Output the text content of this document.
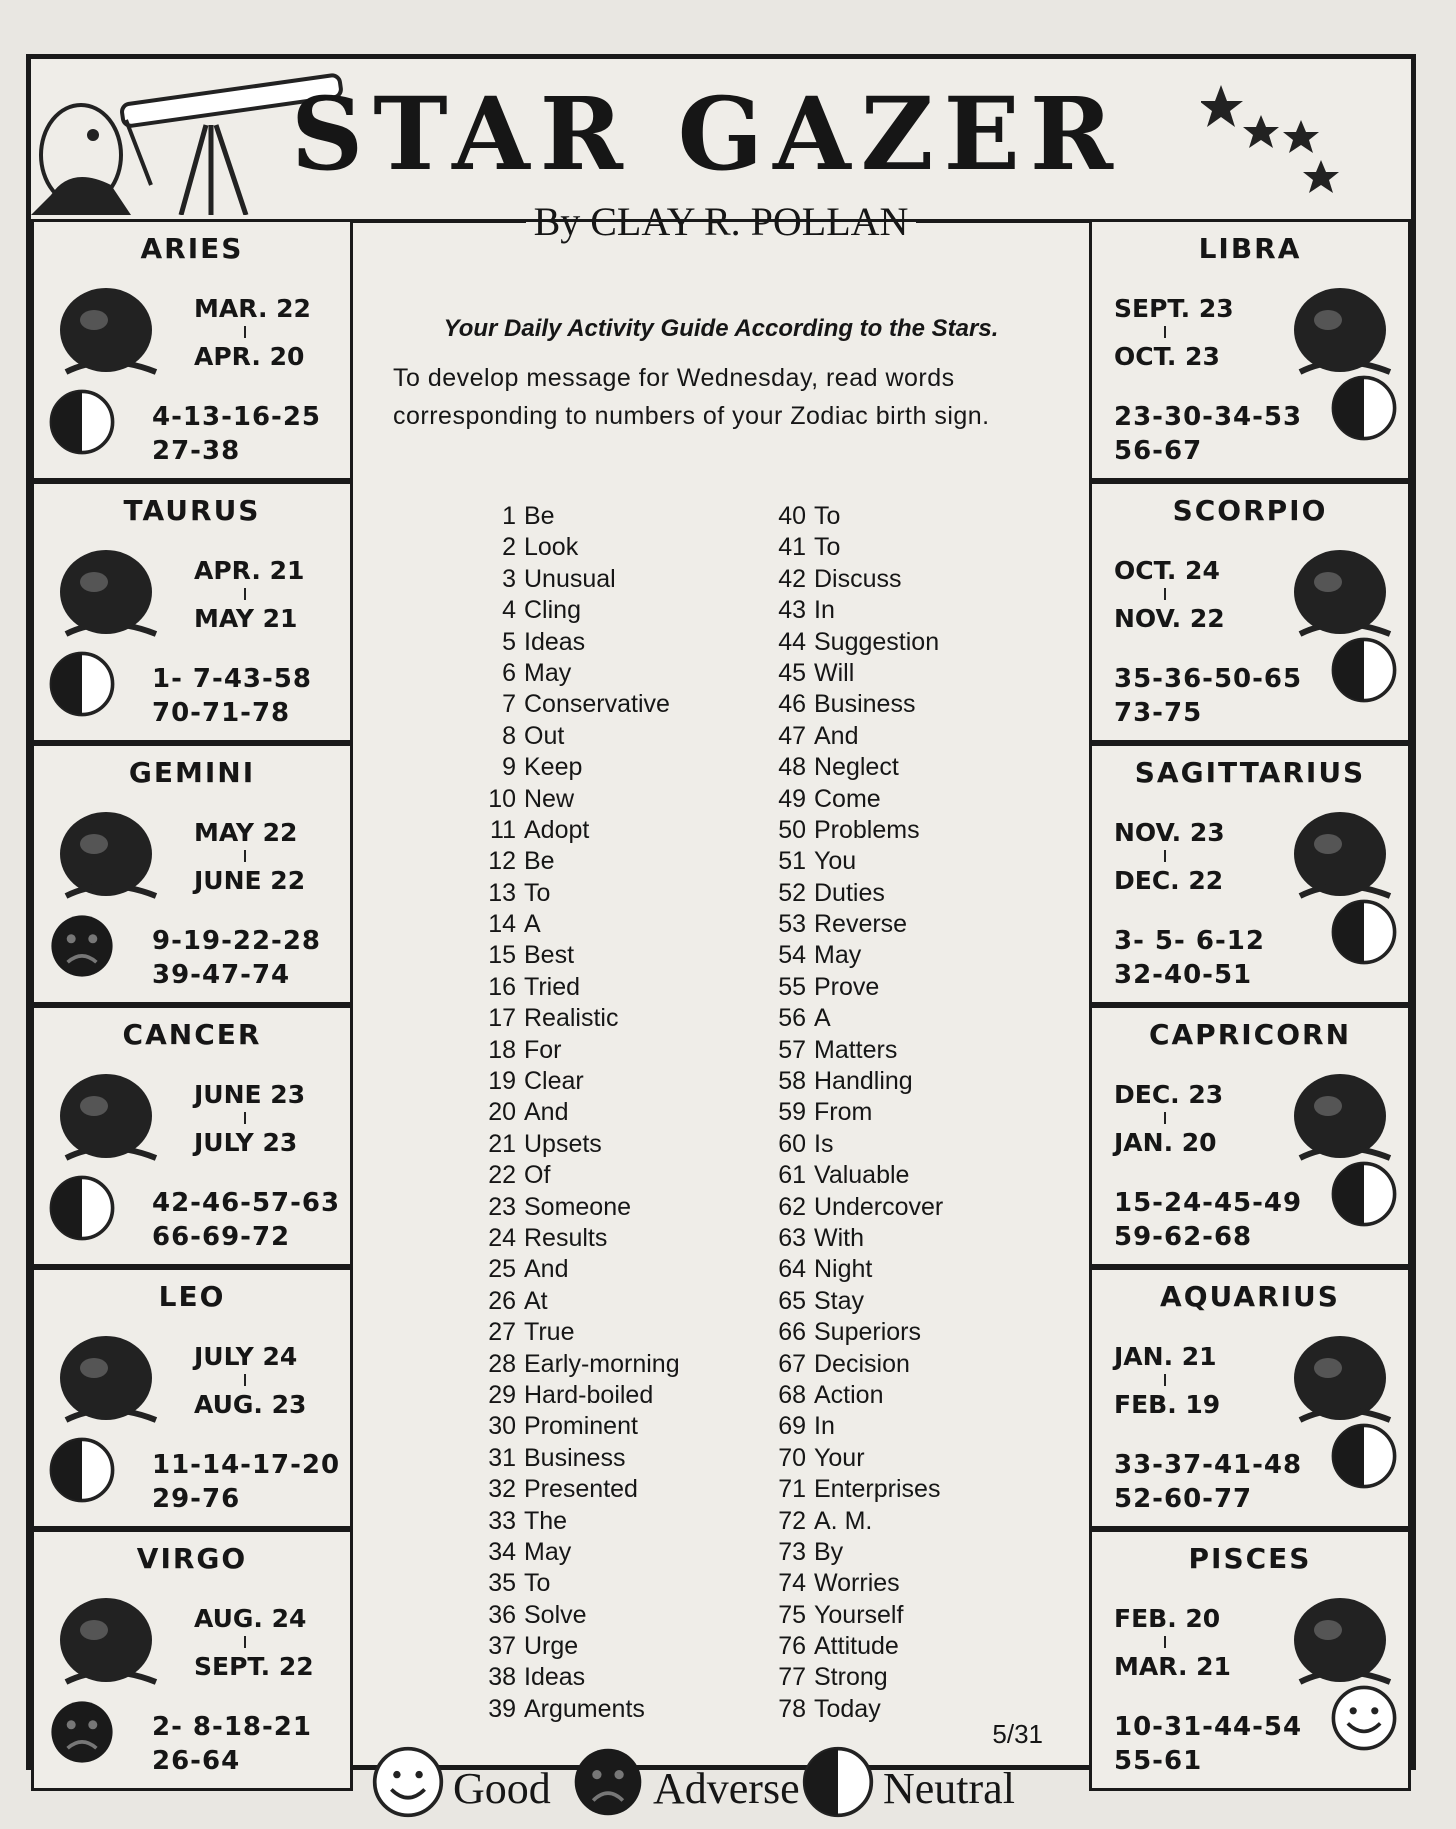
STAR GAZER
By CLAY R. POLLAN
ARIES
MAR. 22
APR. 20
4-13-16-25
27-38
TAURUS
APR. 21
MAY 21
1- 7-43-58
70-71-78
GEMINI
MAY 22
JUNE 22
9-19-22-28
39-47-74
CANCER
JUNE 23
JULY 23
42-46-57-63
66-69-72
LEO
JULY 24
AUG. 23
11-14-17-20
29-76
VIRGO
AUG. 24
SEPT. 22
2- 8-18-21
26-64
LIBRA
SEPT. 23
OCT. 23
23-30-34-53
56-67
SCORPIO
OCT. 24
NOV. 22
35-36-50-65
73-75
SAGITTARIUS
NOV. 23
DEC. 22
3- 5- 6-12
32-40-51
CAPRICORN
DEC. 23
JAN. 20
15-24-45-49
59-62-68
AQUARIUS
JAN. 21
FEB. 19
33-37-41-48
52-60-77
PISCES
FEB. 20
MAR. 21
10-31-44-54
55-61
Your Daily Activity Guide According to the Stars.
To develop message for Wednesday, read words corresponding to numbers of your Zodiac birth sign.
1 Be
2 Look
3 Unusual
4 Cling
5 Ideas
6 May
7 Conservative
8 Out
9 Keep
10 New
11 Adopt
12 Be
13 To
14 A
15 Best
16 Tried
17 Realistic
18 For
19 Clear
20 And
21 Upsets
22 Of
23 Someone
24 Results
25 And
26 At
27 True
28 Early-morning
29 Hard-boiled
30 Prominent
31 Business
32 Presented
33 The
34 May
35 To
36 Solve
37 Urge
38 Ideas
39 Arguments
40 To
41 To
42 Discuss
43 In
44 Suggestion
45 Will
46 Business
47 And
48 Neglect
49 Come
50 Problems
51 You
52 Duties
53 Reverse
54 May
55 Prove
56 A
57 Matters
58 Handling
59 From
60 Is
61 Valuable
62 Undercover
63 With
64 Night
65 Stay
66 Superiors
67 Decision
68 Action
69 In
70 Your
71 Enterprises
72 A. M.
73 By
74 Worries
75 Yourself
76 Attitude
77 Strong
78 Today
5/31
Good Adverse Neutral
